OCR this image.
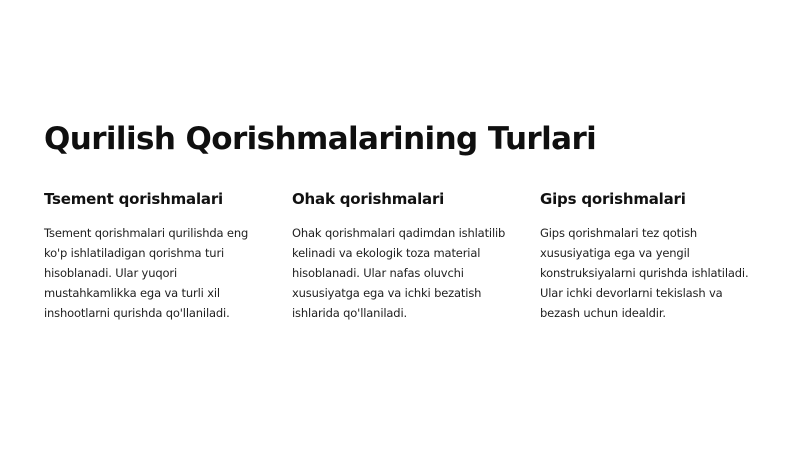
Qurilish Qorishmalarining Turlari
Tsement qorishmalari

Tsement qorishmalari qurilishda eng ko'p ishlatiladigan qorishma turi hisoblanadi. Ular yuqori mustahkamlikka ega va turli xil inshootlarni qurishda qo'llaniladi.

Ohak qorishmalari

Ohak qorishmalari qadimdan ishlatilib kelinadi va ekologik toza material hisoblanadi. Ular nafas oluvchi xususiyatga ega va ichki bezatish ishlarida qo'llaniladi.

Gips qorishmalari

Gips qorishmalari tez qotish xususiyatiga ega va yengil konstruksiyalarni qurishda ishlatiladi. Ular ichki devorlarni tekislash va bezash uchun idealdir.
